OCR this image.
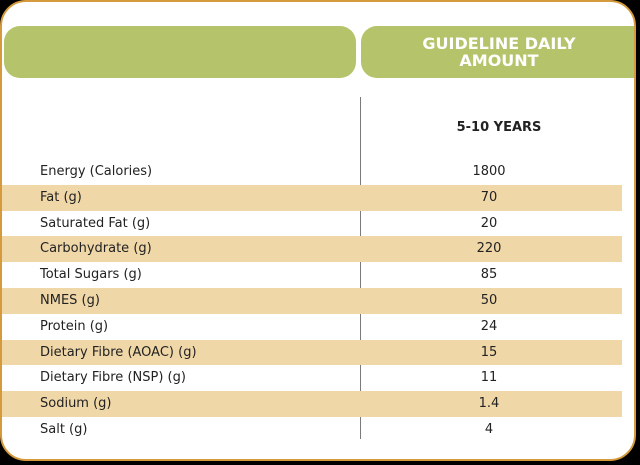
GUIDELINE DAILY
AMOUNT
5-10 YEARS
Energy (Calories)	1800
Fat (g)	70
Saturated Fat (g)	20
Carbohydrate (g)	220
Total Sugars (g)	85
NMES (g)	50
Protein (g)	24
Dietary Fibre (AOAC) (g)	15
Dietary Fibre (NSP) (g)	11
Sodium (g)	1.4
Salt (g)	4
